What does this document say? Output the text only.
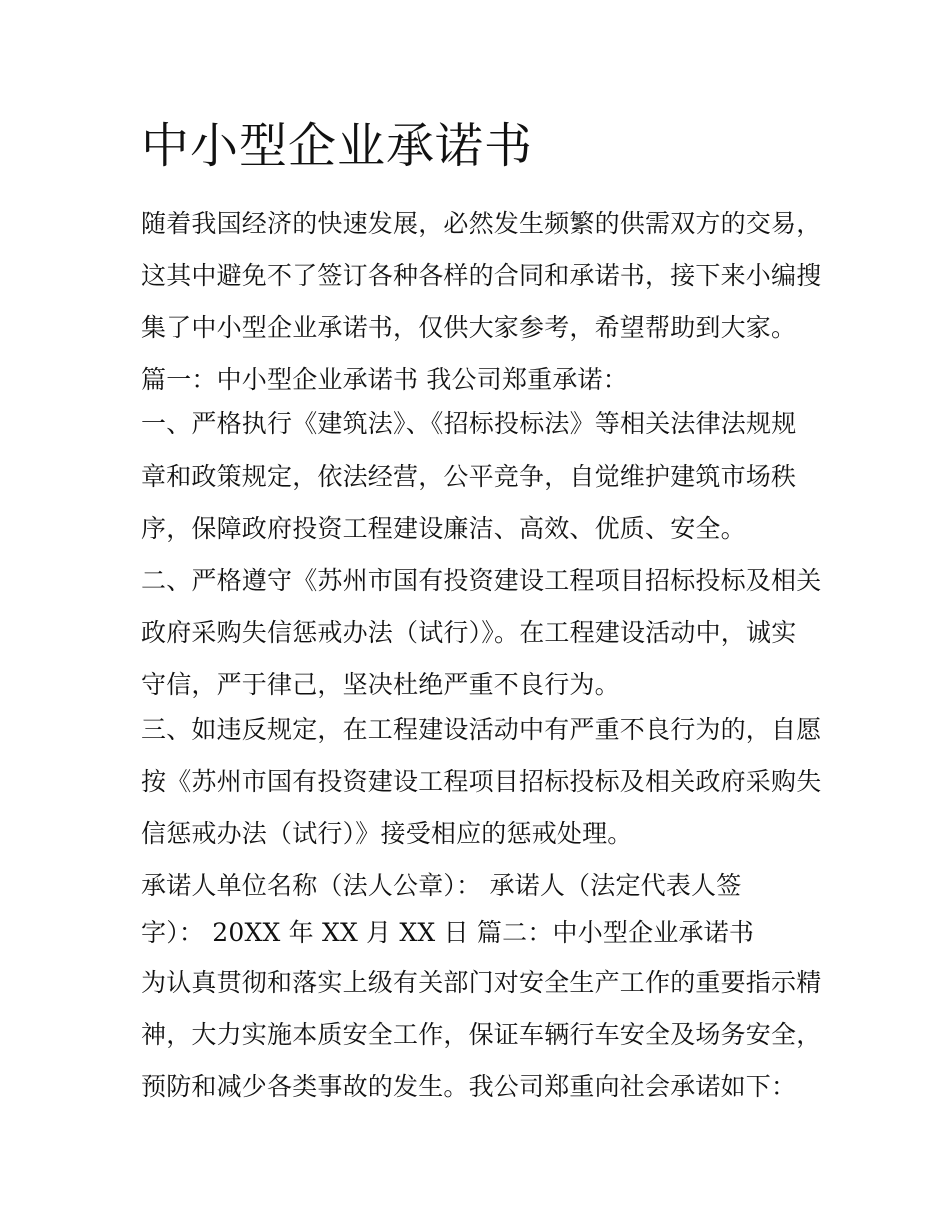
中小型企业承诺书

随着我国经济的快速发展，必然发生频繁的供需双方的交易，

这其中避免不了签订各种各样的合同和承诺书，接下来小编搜

集了中小型企业承诺书，仅供大家参考，希望帮助到大家。

篇一：中小型企业承诺书 我公司郑重承诺：

一、严格执行《建筑法》、《招标投标法》等相关法律法规规

章和政策规定，依法经营，公平竞争，自觉维护建筑市场秩

序，保障政府投资工程建设廉洁、高效、优质、安全。

二、严格遵守《苏州市国有投资建设工程项目招标投标及相关

政府采购失信惩戒办法（试行）》。在工程建设活动中，诚实

守信，严于律己，坚决杜绝严重不良行为。

三、如违反规定，在工程建设活动中有严重不良行为的，自愿

按《苏州市国有投资建设工程项目招标投标及相关政府采购失

信惩戒办法（试行）》接受相应的惩戒处理。

承诺人单位名称（法人公章）： 承诺人（法定代表人签

字）： 20XX 年 XX 月 XX 日 篇二：中小型企业承诺书

为认真贯彻和落实上级有关部门对安全生产工作的重要指示精

神，大力实施本质安全工作，保证车辆行车安全及场务安全，

预防和减少各类事故的发生。我公司郑重向社会承诺如下：
